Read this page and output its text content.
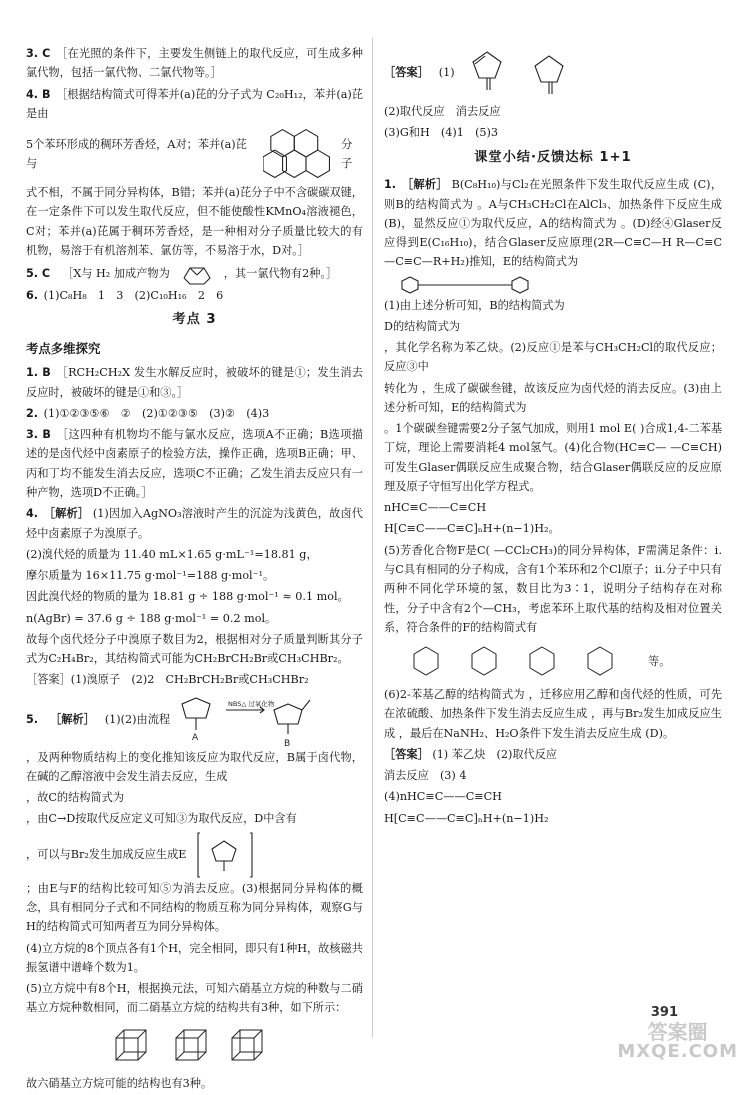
3. C ［在光照的条件下，主要发生侧链上的取代反应，可生成多种氯代物，包括一氯代物、二氯代物等。］

4. B ［根据结构简式可得苯并(a)芘的分子式为 C₂₀H₁₂，苯并(a)芘是由

5个苯环形成的稠环芳香烃，A对；苯并(a)芘与
分子

式不相，不属于同分异构体，B错；苯并(a)芘分子中不含碳碳双键，在一定条件下可以发生取代反应，但不能使酸性KMnO₄溶液褪色，C对；苯并(a)芘属于稠环芳香烃，是一种相对分子质量比较大的有机物，易溶于有机溶剂苯、氯仿等，不易溶于水，D对。］

5. C ［X与 H₂ 加成产物为	，其一氯代物有2种。］

6. (1)C₈H₈　1　3　(2)C₁₀H₁₆　2　6

考点 3
考点多维探究

1. B ［RCH₂CH₂X 发生水解反应时，被破坏的键是①；发生消去反应时，被破坏的键是①和③。］

2. (1)①②③⑤⑥　②　(2)①②③⑤　(3)②　(4)3

3. B ［这四种有机物均不能与氯水反应，选项A不正确；B选项描述的是卤代烃中卤素原子的检验方法，操作正确，选项B正确；甲、丙和丁均不能发生消去反应，选项C不正确；乙发生消去反应只有一种产物，选项D不正确。］

4. ［解析］ (1)因加入AgNO₃溶液时产生的沉淀为浅黄色，故卤代烃中卤素原子为溴原子。

(2)溴代烃的质量为 11.40 mL×1.65 g·mL⁻¹=18.81 g，

摩尔质量为 16×11.75 g·mol⁻¹=188 g·mol⁻¹。

因此溴代烃的物质的量为 18.81 g ÷ 188 g·mol⁻¹ ≈ 0.1 mol。

n(AgBr) = 37.6 g ÷ 188 g·mol⁻¹ = 0.2 mol。

故每个卤代烃分子中溴原子数目为2，根据相对分子质量判断其分子式为C₂H₄Br₂，其结构简式可能为CH₂BrCH₂Br或CH₃CHBr₂。

［答案］(1)溴原子　(2)2　CH₂BrCH₂Br或CH₃CHBr₂

5. ［解析］ (1)(2)由流程
A
B
NBS△ 过氧化物

，及两种物质结构上的变化推知该反应为取代反应，B属于卤代物，在碱的乙醇溶液中会发生消去反应，生成

，故C的结构简式为

，由C→D按取代反应定义可知③为取代反应，D中含有

，可以与Br₂发生加成反应生成E

；由E与F的结构比较可知⑤为消去反应。(3)根据同分异构体的概念，具有相同分子式和不同结构的物质互称为同分异构体，观察G与H的结构简式可知两者互为同分异构体。

(4)立方烷的8个顶点各有1个H，完全相同，即只有1种H，故核磁共振氢谱中谱峰个数为1。

(5)立方烷中有8个H，根据换元法，可知六硝基立方烷的种数与二硝基立方烷种数相同，而二硝基立方烷的结构共有3种，如下所示：

故六硝基立方烷可能的结构也有3种。

［答案］ (1)

(2)取代反应　消去反应

(3)G和H　(4)1　(5)3

课堂小结·反馈达标 1+1

1. ［解析］ B(C₈H₁₀)与Cl₂在光照条件下发生取代反应生成 (C)，则B的结构简式为 。A与CH₃CH₂Cl在AlCl₃、加热条件下反应生成 (B)，显然反应①为取代反应，A的结构简式为 。(D)经④Glaser反应得到E(C₁₆H₁₀)，结合Glaser反应原理(2R—C≡C—H R—C≡C—C≡C—R+H₂)推知，E的结构简式为

(1)由上述分析可知，B的结构简式为

D的结构简式为

，其化学名称为苯乙炔。(2)反应①是苯与CH₃CH₂Cl的取代反应；反应③中

转化为 ，生成了碳碳叁键，故该反应为卤代烃的消去反应。(3)由上述分析可知，E的结构简式为

。1个碳碳叁键需要2分子氢气加成，则用1 mol E( )合成1,4-二苯基丁烷，理论上需要消耗4 mol氢气。(4)化合物(HC≡C— —C≡CH)可发生Glaser偶联反应生成聚合物，结合Glaser偶联反应的反应原理及原子守恒写出化学方程式。

nHC≡C——C≡CH

H[C≡C——C≡C]ₙH+(n−1)H₂。

(5)芳香化合物F是C( —CCl₂CH₃)的同分异构体，F需满足条件：ⅰ.与C具有相同的分子构成，含有1个苯环和2个Cl原子；ⅱ.分子中只有两种不同化学环境的氢，数目比为3∶1，说明分子结构存在对称性，分子中含有2个—CH₃，考虑苯环上取代基的结构及相对位置关系，符合条件的F的结构简式有

等。

(6)2-苯基乙醇的结构简式为 ，迁移应用乙醇和卤代烃的性质，可先在浓硫酸、加热条件下发生消去反应生成 ，再与Br₂发生加成反应生成 ，最后在NaNH₂、H₂O条件下发生消去反应生成 (D)。

［答案］ (1) 苯乙炔　(2)取代反应

消去反应　(3) 4

(4)nHC≡C——C≡CH

H[C≡C——C≡C]ₙH+(n−1)H₂

391
答案圈
MXQE.COM
